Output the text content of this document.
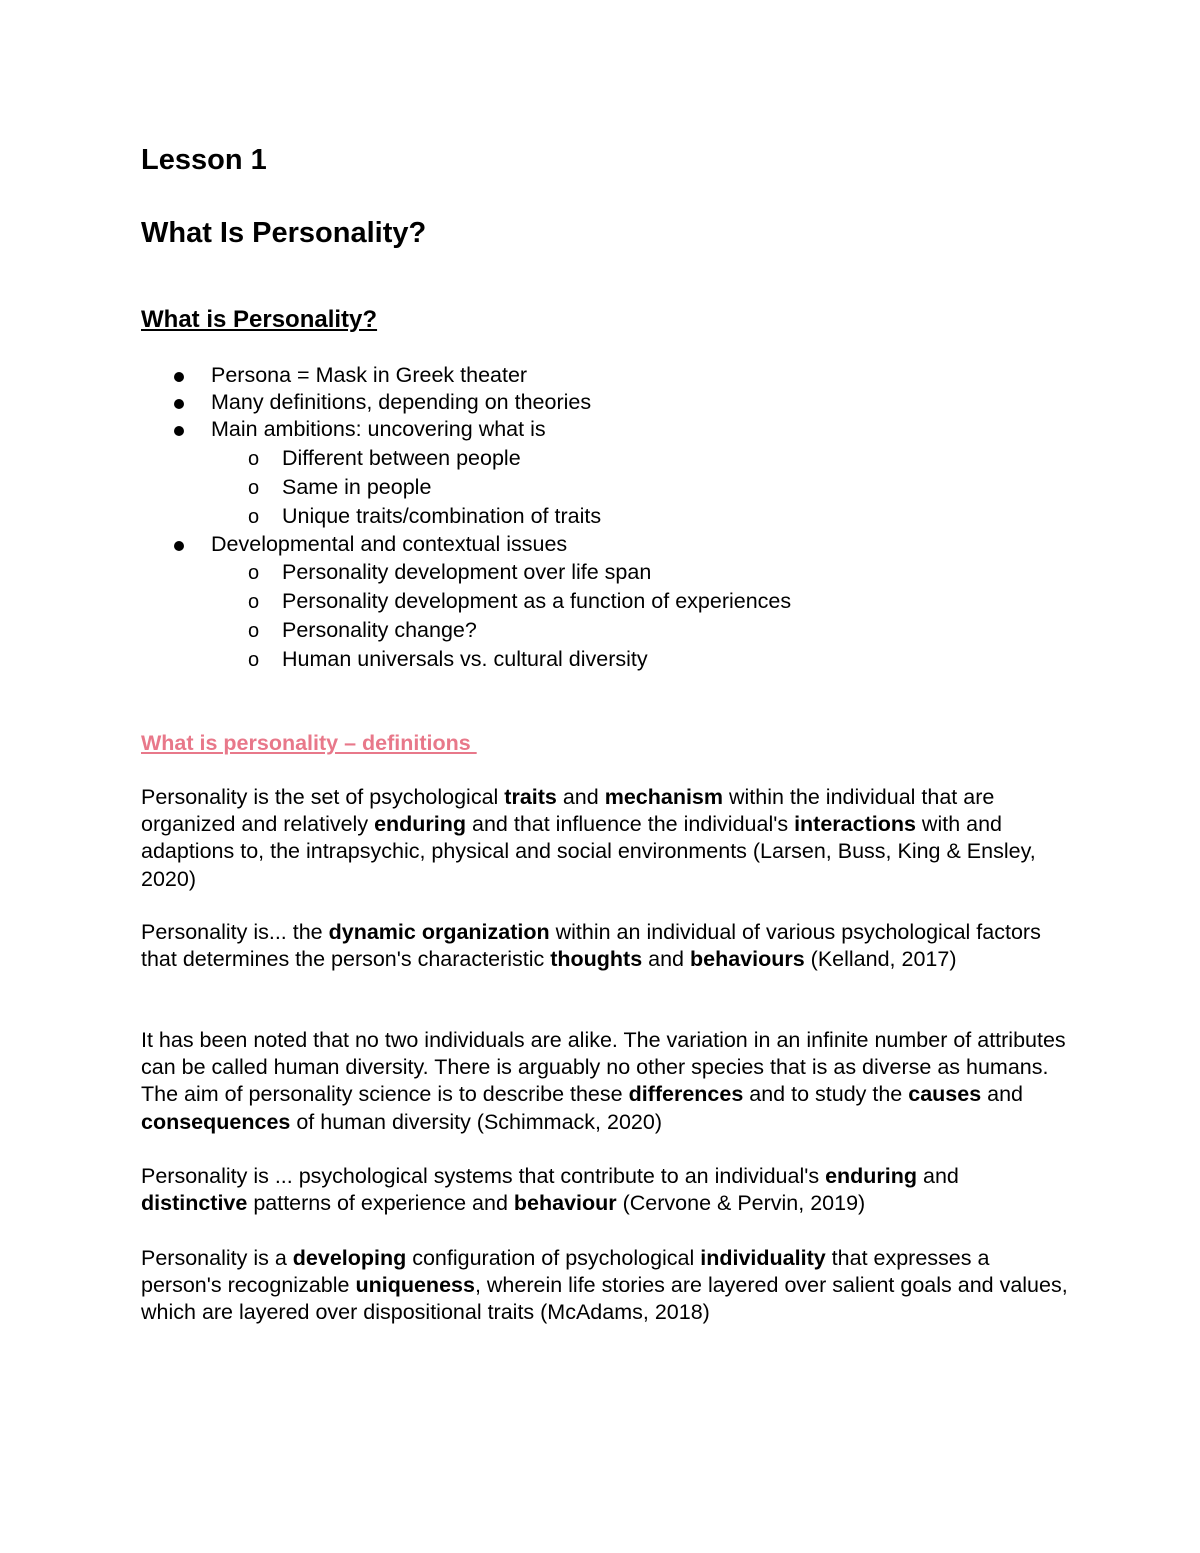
Lesson 1
What Is Personality?
What is Personality?
Persona = Mask in Greek theater
Many definitions, depending on theories
Main ambitions: uncovering what is
o Different between people
o Same in people
o Unique traits/combination of traits
Developmental and contextual issues
o Personality development over life span
o Personality development as a function of experiences
o Personality change?
o Human universals vs. cultural diversity
What is personality – definitions

Personality is the set of psychological traits and mechanism within the individual that are organized and relatively enduring and that influence the individual's interactions with and adaptions to, the intrapsychic, physical and social environments (Larsen, Buss, King & Ensley, 2020)

Personality is... the dynamic organization within an individual of various psychological factors that determines the person's characteristic thoughts and behaviours (Kelland, 2017)

It has been noted that no two individuals are alike. The variation in an infinite number of attributes can be called human diversity. There is arguably no other species that is as diverse as humans. The aim of personality science is to describe these differences and to study the causes and consequences of human diversity (Schimmack, 2020)

Personality is ... psychological systems that contribute to an individual's enduring and distinctive patterns of experience and behaviour (Cervone & Pervin, 2019)

Personality is a developing configuration of psychological individuality that expresses a person's recognizable uniqueness, wherein life stories are layered over salient goals and values, which are layered over dispositional traits (McAdams, 2018)
